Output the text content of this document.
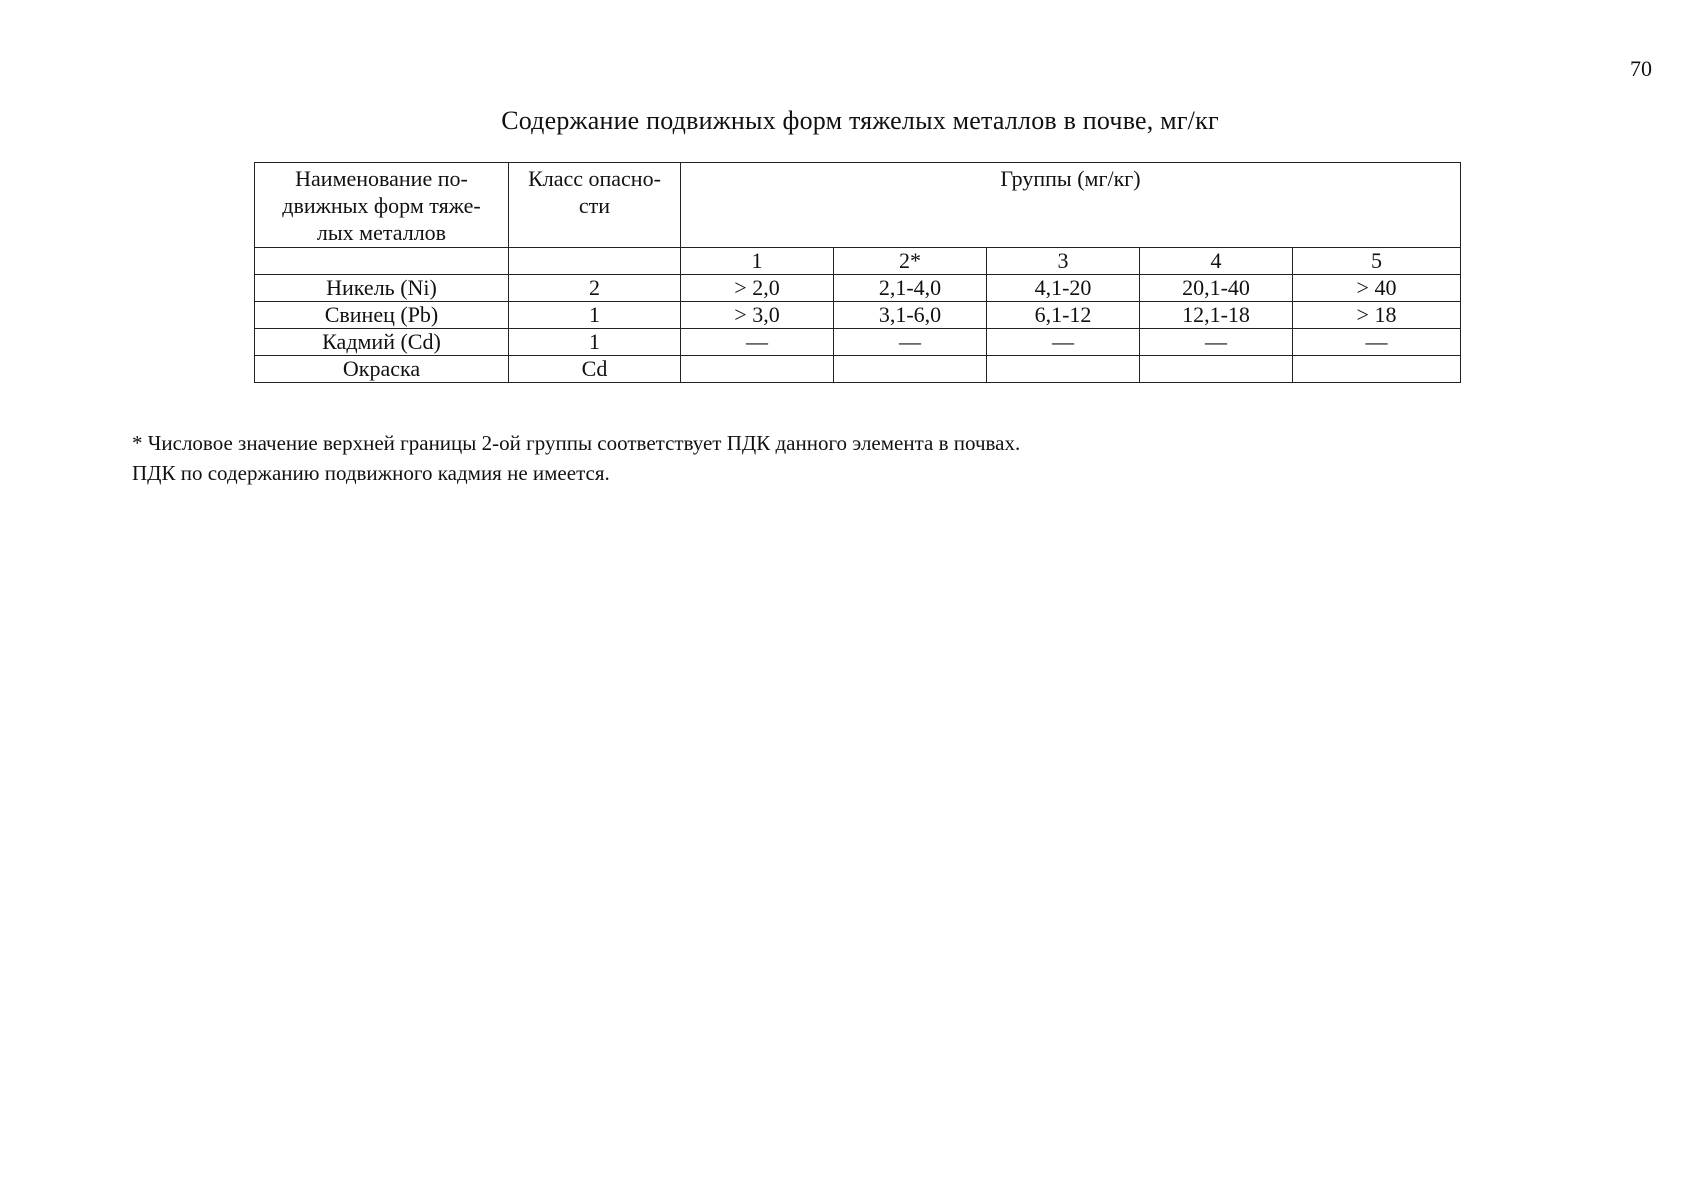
70
Содержание подвижных форм тяжелых металлов в почве, мг/кг
Наименование по-
движных форм тяже-
лых металлов	Класс опасно-
сти	Группы (мг/кг)				
		1	2*	3	4	5
Никель (Ni)	2	> 2,0	2,1-4,0	4,1-20	20,1-40	> 40
Свинец (Pb)	1	> 3,0	3,1-6,0	6,1-12	12,1-18	> 18
Кадмий (Cd)	1	—	—	—	—	—
Окраска	Cd					
* Числовое значение верхней границы 2-ой группы соответствует ПДК данного элемента в почвах.
ПДК по содержанию подвижного кадмия не имеется.
